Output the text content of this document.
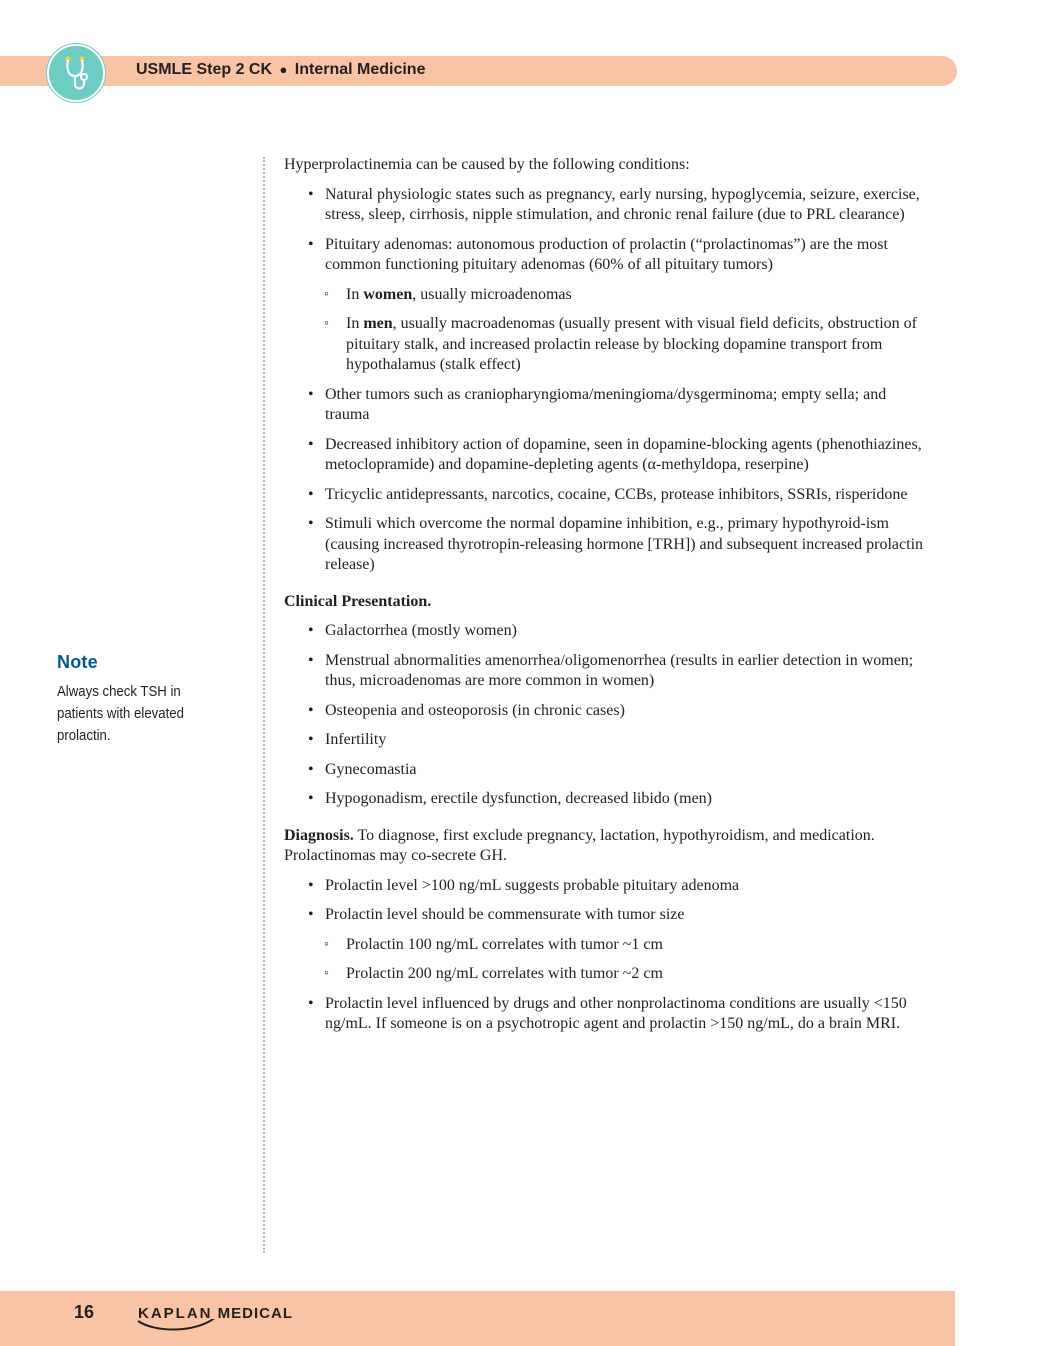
USMLE Step 2 CK ● Internal Medicine
Note
Always check TSH in patients with elevated prolactin.

Hyperprolactinemia can be caused by the following conditions:

• Natural physiologic states such as pregnancy, early nursing, hypoglycemia, seizure, exercise, stress, sleep, cirrhosis, nipple stimulation, and chronic renal failure (due to PRL clearance)

• Pituitary adenomas: autonomous production of prolactin (“prolactinomas”) are the most common functioning pituitary adenomas (60% of all pituitary tumors)

◦ In women, usually microadenomas

◦ In men, usually macroadenomas (usually present with visual field deficits, obstruction of pituitary stalk, and increased prolactin release by blocking dopamine transport from hypothalamus (stalk effect)

• Other tumors such as craniopharyngioma/meningioma/dysgerminoma; empty sella; and trauma

• Decreased inhibitory action of dopamine, seen in dopamine-blocking agents (phenothiazines, metoclopramide) and dopamine-depleting agents (α-methyldopa, reserpine)

• Tricyclic antidepressants, narcotics, cocaine, CCBs, protease inhibitors, SSRIs, risperidone

• Stimuli which overcome the normal dopamine inhibition, e.g., primary hypothyroid-ism (causing increased thyrotropin-releasing hormone [TRH]) and subsequent increased prolactin release)

Clinical Presentation.

• Galactorrhea (mostly women)

• Menstrual abnormalities amenorrhea/oligomenorrhea (results in earlier detection in women; thus, microadenomas are more common in women)

• Osteopenia and osteoporosis (in chronic cases)

• Infertility

• Gynecomastia

• Hypogonadism, erectile dysfunction, decreased libido (men)

Diagnosis. To diagnose, first exclude pregnancy, lactation, hypothyroidism, and medication. Prolactinomas may co-secrete GH.

• Prolactin level >100 ng/mL suggests probable pituitary adenoma

• Prolactin level should be commensurate with tumor size

◦ Prolactin 100 ng/mL correlates with tumor ~1 cm

◦ Prolactin 200 ng/mL correlates with tumor ~2 cm

• Prolactin level influenced by drugs and other nonprolactinoma conditions are usually <150 ng/mL. If someone is on a psychotropic agent and prolactin >150 ng/mL, do a brain MRI.

16	KAPLAN MEDICAL
